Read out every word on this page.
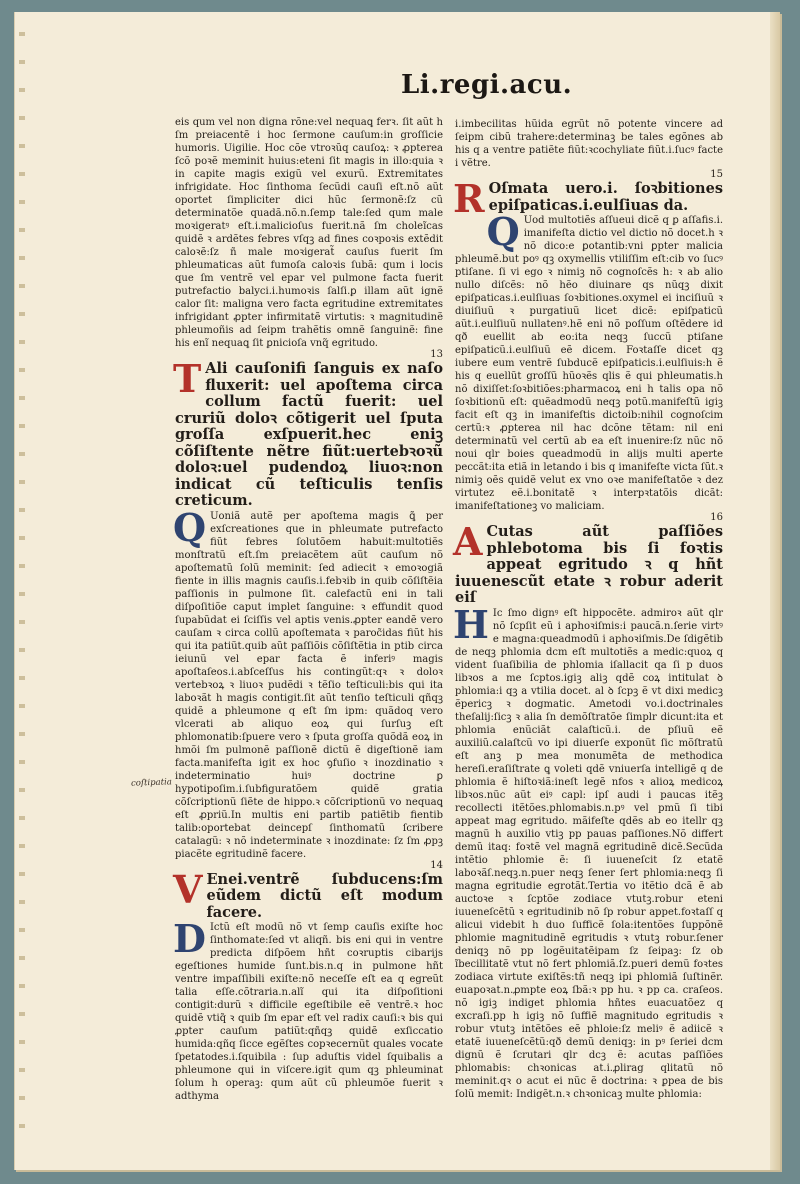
Li.regi.acu.

eis qum vel non digna rõne:vel nequaꝗ ferꝛ. ſit aũt h ſm preiacentẽ i hoc ſermone cauſum:in groſſicie humoris. Uigilie. Hoc cõe vtroꝛũq cauſoꝝ: ꝛ ꝓpterea ſcõ poꝛẽ meminit huius:eteni ſit magis in illo:quia ꝛ in capite magis exigũ vel exurũ. Extremitates infrigidate. Hoc ſinthoma ſecũdi cauſi eſt.nõ aũt oportet ſimpliciter dici hũc ſermonẽ:ſz cũ determinatõe quadã.nõ.n.ſemp tale:ſed qum male moꝛigeratꝰ eſt.i.malicioſus fuerit.nã ſm choleĩcas quidẽ ꝛ ardẽtes febres vſqꝫ ad fines coꝛpoꝛis extẽdit caloꝛẽ:ſz ñ male moꝛigerat̃ cauſus fuerit ſm phleumaticas aũt fumoſa caloꝛis ſubã: qum i locis que ſm ventrẽ vel epar vel pulmone facta fuerit putrefactio balyci.i.humoꝛis ſalſi.ꝑ illam aũt ignẽ calor ſit: maligna vero facta egritudine extremitates infrigidant ꝓpter infirmitatẽ virtutis: ꝛ magnitudinẽ phleumoñis ad ſeipm trahẽtis omnẽ ſanguinẽ: fine his enĩ nequaꝗ ſit ꝑnicioſa vnq̃ egritudo.

13

T Ali cauſonifi ſanguis ex naſo fluxerit: uel apoſtema circa collum factũ fuerit: uel cruriũ doloꝛ cõtigerit uel ſputa groſſa exſpuerit.hec eniꝫ cõſiſtente nẽtre fiũt:uertebꝛoꝛũ doloꝛ:uel pudendoꝝ liuoꝛ:non indicat cũ teſticulis tenſis creticum.

Q Uoniã autẽ per apoſtema magis ꝗ̃ per exſcreationes que in phleumate putrefacto fiũt febres ſolutõem habuit:multotiẽs monſtratũ eſt.ſm preiacẽtem aũt cauſum nõ apoſtematũ ſolũ meminit: ſed adiecit ꝛ emoꝛogiã fiente in illis magnis cauſis.i.febꝛib in quib cõſiſtẽia paſſionis in pulmone ſit. calefactũ eni in tali diſpoſitiõe caput implet ſanguine: ꝛ effundit quod ſupabũdat ei ſciſſis vel aptis venis.ꝓpter eandẽ vero cauſam ꝛ circa collũ apoſtemata ꝛ paroc̃idas fiũt his qui ita patiũt.quib aũt paſſiõis cõſiſtẽtia in ptib circa ieiunũ vel epar facta ẽ inferiꝰ magis apoſtaſeos.i.abſceſſus his contingũt:qꝛ ꝛ doloꝛ vertebꝛoꝝ ꝛ liuoꝛ pudẽdi ꝛ tẽſio teſticuli:bis qui ita laboꝛãt h magis contigit.ſit aũt tenſio teſticuli qñqꝫ quidẽ a phleumone q eſt ſm ipm: quãdoq vero vlcerati ab aliquo eoꝝ qui ſurſuꝫ eſt phlomonatib:ſpuere vero ꝛ ſputa groſſa quõdã eoꝝ in hmõi ſm pulmonẽ paſſionẽ dictũ ẽ digeſtionẽ iam facta.manifeſta igit ex hoc ꝯfuſio ꝛ inozdinatio ꝛ indeterminatio huiꝰ doctrine ꝑ hypotipoſim.i.ſubfiguratõem quidẽ gratia cõſcriptionũ ſiẽte de hippo.ꝛ cõſcriptionũ vo nequaꝗ eſt ꝓpriũ.In multis eni partib patiẽtib fientib talib:oportebat deincepſ ſinthomatũ ſcribere catalagũ: ꝛ nõ indeterminate ꝛ inozdinate: ſz ſm ꝓpꝫ piacẽte egritudinẽ facere.

14

V Enei.ventrẽ ſubducens:ſm eũdem dictũ eſt modum facere.

D Ictũ eſt modũ nõ vt ſemp cauſis exiſte hoc ſinthomate:ſed vt aliqñ. bis eni qui in ventre predicta diſpõem hñt coꝛruptis cibarijs egeſtiones humide ſunt.bis.n.q in pulmone hñt ventre impaſſibili exiſte:nõ neceſſe eſt ea q egreũt talia eſſe.cõtraria.n.alĩ qui ita diſpoſitioni contigit:durũ ꝛ difficile egeſtibile eẽ ventrẽ.ꝛ hoc quidẽ vtiq̃ ꝛ quib ſm epar eſt vel radix cauſi:ꝛ bis qui ꝓpter cauſum patiũt:qñqꝫ quidẽ exſiccatio humida:qñq ſicce egẽſtes copꝛecernũt quales vocate ſpetatodes.i.ſquibila : ſup aduſtis videl ſquibalis a phleumone qui in viſcere.igit qum qꝫ phleuminat ſolum h operaꝫ: qum aũt cũ phleumõe fuerit ꝛ adthyma

i.imbecilitas hũida egrũt nõ potente vincere ad ſeipm cibũ trahere:determinaꝫ be tales egõnes ab his q a ventre patiẽte fiũt:ꝛcochyliate fiũt.i.ſucꝰ facte i vẽtre.

15

R Oſmata uero.i. ſoꝛbitiones epiſpaticas.i.eulſiuas da.

Q Uod multotiẽs aſſueui dicẽ q ꝑ aſſafis.i. imanifeſta dictio vel dictio nõ docet.h ꝛ nõ dico:e ꝑotantib:vni ꝑpter malicia phleumẽ.but poꝰ qꝫ oxymellis vtiliſſim eſt:cib vo ſucꝰ ptiſane. ſi vi ego ꝛ nimiꝫ nõ cognoſcẽs h: ꝛ ab alio nullo diſcẽs: nõ hẽo diuinare qs nũqꝫ dixit epiſpaticas.i.eulſiuas ſoꝛbitiones.oxymel ei inciſiuũ ꝛ diuiſiuũ ꝛ purgatiuũ licet dicẽ: epiſpaticũ aũt.i.eulſiuũ nullatenꝰ.hẽ eni nõ poſſum oſtẽdere id qð euellit ab eo:ita neqꝫ ſuccũ ptiſane epiſpaticũ.i.eulſiuũ eẽ dicem. Foꝛtaſſe dicet qꝫ iubere eum ventrẽ ſubducẽ epiſpaticis.i.eulſiuis:h ẽ his q euellũt groſſũ hũoꝛẽs qlis ẽ qui phleumatis.h nõ dixiſſet:ſoꝛbitiões:pharmacoꝝ eni h talis opa nõ ſoꝛbitionũ eſt: quẽadmodũ neqꝫ potũ.manifeſtũ igiꝫ facit eſt qꝫ in imanifeſtis dictoib:nihil cognoſcim certũ:ꝛ ꝓpterea nil hac dcõne tẽtam: nil eni determinatũ vel certũ ab ea eſt inuenire:ſz nũc nõ noui qlr boies queadmodũ in alijs multi aperte peccãt:ita etiã in letando i bis q imanifeſte victa ſũt.ꝛ nimiꝫ oẽs quidẽ velut ex vno oꝛe manifeſtatõe ꝛ dez virtutez eẽ.i.bonitatẽ ꝛ interpꝛtatõis dicãt: imanifeſtationeꝫ vo maliciam.

16

A Cutas aũt paſſiões phlebotoma bis ſi foꝛtis appeat egritudo ꝛ q hñt iuuenescũt etate ꝛ robur aderit eiſ

H Ic ſmo dignꝰ eſt hippocẽte. admiroꝛ aũt qlr nõ ſcpſit eũ i aphoꝛiſmis:i paucã.n.ſerie virtꝰ e magna:queadmodũ i aphoꝛiſmis.De ſdigẽtib de neqꝫ phlomia dcm eſt multotiẽs a medic:quoꝝ q vident ſuaſibilia de phlomia iſallacit qa ſi p duos libꝛos a me ſcptos.igiꝫ aliꝫ qdẽ coꝝ intitulat ꝺ phlomia:i qꝫ a vtilia docet. al ꝺ ſcpꝫ ẽ vt dixi medicꝫ ẽpericꝫ ꝛ dogmatic. Ametodi vo.i.doctrinales theſalij:ſicꝫ ꝛ alia ſn demõſtratõe ſimplr dicunt:ita et phlomia enũciãt calaſticũ.i. de pſiuũ eẽ auxiliũ.calaſtcũ vo ipi diuerſe exponũt ſic mõſtratũ eſt anꝫ p mea monumẽta de methodica hereſi.eraſiſtrate ꝗ voleti qdẽ vniuerſa intelligẽ q de phlomia ẽ hiſtoꝛiã:ineſt legẽ nfos ꝛ alioꝝ medicoꝝ libꝛos.nũc aũt eiꝰ capl: ipſ audi i paucas itẽꝫ recollecti itẽtões.phlomabis.n.pꝰ vel pmũ ſi tibi appeat mag egritudo. mãifeſte qdẽs ab eo itellr qꝫ magnũ h auxilio vtiꝫ pp pauas paſſiones.Nõ differt demũ itaq: foꝛtẽ vel magnã egritudinẽ dicẽ.Secũda intẽtio phlomie ẽ: ſi iuueneſcit ſz etatẽ laboꝛãſ.neqꝫ.n.puer neqꝫ ſener ſert phlomia:neqꝫ ſi magna egritudie egrotãt.Tertia vo itẽtio dcã ẽ ab auctoꝛe ꝛ ſcptõe zodiace vtutꝫ.robur eteni iuueneſcẽtũ ꝛ egritudinib nõ ſp robur appet.foꝛtaſſ q alicui videbit h duo ſufficẽ ſola:itentões ſuppõnẽ phlomie magnitudinẽ egritudis ꝛ vtutꝫ robur.ſener deniqꝫ nõ pp logẽuitatẽipam ſz ſeipaꝫ: ſz ob ĩbecillitatẽ vtut nõ fert phlomiã.ſz.pueri demũ foꝛtes zodiaca virtute exiſtẽs:tñ neqꝫ ipi phlomiã ſuſtinẽr. euapoꝛat.n.ꝓmpte eoꝝ ſbã:ꝛ pp hu. ꝛ pp ca. craſeos. nõ igiꝫ indiget phlomia hñtes euacuatõez q excraſi.pp h igiꝫ nõ ſuffiẽ magnitudo egritudis ꝛ robur vtutꝫ intẽtões eẽ phloie:ſz meliꝰ ẽ adiicẽ ꝛ etatẽ iuueneſcẽtũ:qð demũ deniqꝫ: in pꝰ ſeriei dcm dignũ ẽ ſcrutari qlr dcꝫ ẽ: acutas paſſiões phlomabis: chꝛonicas at.i.ꝓlirag qlitatũ nõ meminit.qꝛ o acut ei nũc ẽ doctrina: ꝛ ꝑpea de bis ſolũ memit: Indigẽt.n.ꝛ chꝛonicaꝫ multe phlomia:

coſtipatia
